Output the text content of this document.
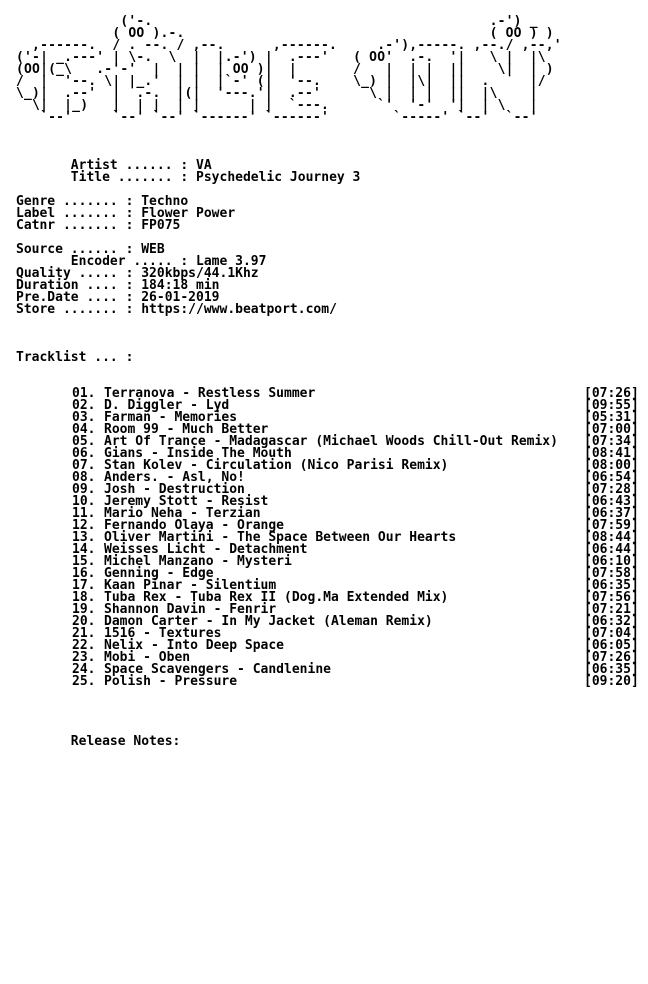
('-.                                          .-') _
( OO ).-.                                      ( OO ) )
,------.  / . --. / ,--.      ,------.     .-'),-----. ,--./ ,--,'
('-| _.---' | \-.  \  |  |.-') |  .---'   ( OO'  .-.  '|   \ |  |\
(OO|(_\   .-'-'  |  | |  | OO )|  |       /   |  | |  ||    \|  | )
/  |  '--. \| |_.'  | |  |`-' (|  '--.    \_) |  |\|  ||  .     |/
\_)|  .--'  |  .-.  |(|  '---.'|  .--'      \ |  | |  ||  |\    |
\|  |_)   |  | |  | |      | |  `---.      `'  '-'  '|  | \   |
`--'     `--' `--' `------' `------'        `-----' `--'  `--'
Artist ...... : VA
Title ....... : Psychedelic Journey 3
Genre ....... : Techno
Label ....... : Flower Power
Catnr ....... : FP075
Source ...... : WEB
Encoder ..... : Lame 3.97
Quality ..... : 320kbps/44.1Khz
Duration .... : 184:18 min
Pre.Date .... : 26-01-2019
Store ....... : https://www.beatport.com/
Tracklist ... :
01. Terranova - Restless Summer	[07:26]
02. D. Diggler - Lyd	[09:55]
03. Farman - Memories	[05:31]
04. Room 99 - Much Better	[07:00]
05. Art Of Trance - Madagascar (Michael Woods Chill-Out Remix) [07:34]
06. Gians - Inside The Mouth	[08:41]
07. Stan Kolev - Circulation (Nico Parisi Remix)	[08:00]
08. Anders. - Asl, No!	[06:54]
09. Josh - Destruction	[07:28]
10. Jeremy Stott - Resist	[06:43]
11. Mario Neha - Terzian	[06:37]
12. Fernando Olaya - Orange	[07:59]
13. Oliver Martini - The Space Between Our Hearts	[08:44]
14. Weisses Licht - Detachment	[06:44]
15. Michel Manzano - Mysteri	[06:10]
16. Genning - Edge	[07:58]
17. Kaan Pinar - Silentium	[06:35]
18. Tuba Rex - Tuba Rex II (Dog.Ma Extended Mix)	[07:56]
19. Shannon Davin - Fenrir	[07:21]
20. Damon Carter - In My Jacket (Aleman Remix)	[06:32]
21. 1516 - Textures	[07:04]
22. Nelix - Into Deep Space	[06:05]
23. Mobi - Oben	[07:26]
24. Space Scavengers - Candlenine	[06:35]
25. Polish - Pressure	[09:20]
Release Notes:
